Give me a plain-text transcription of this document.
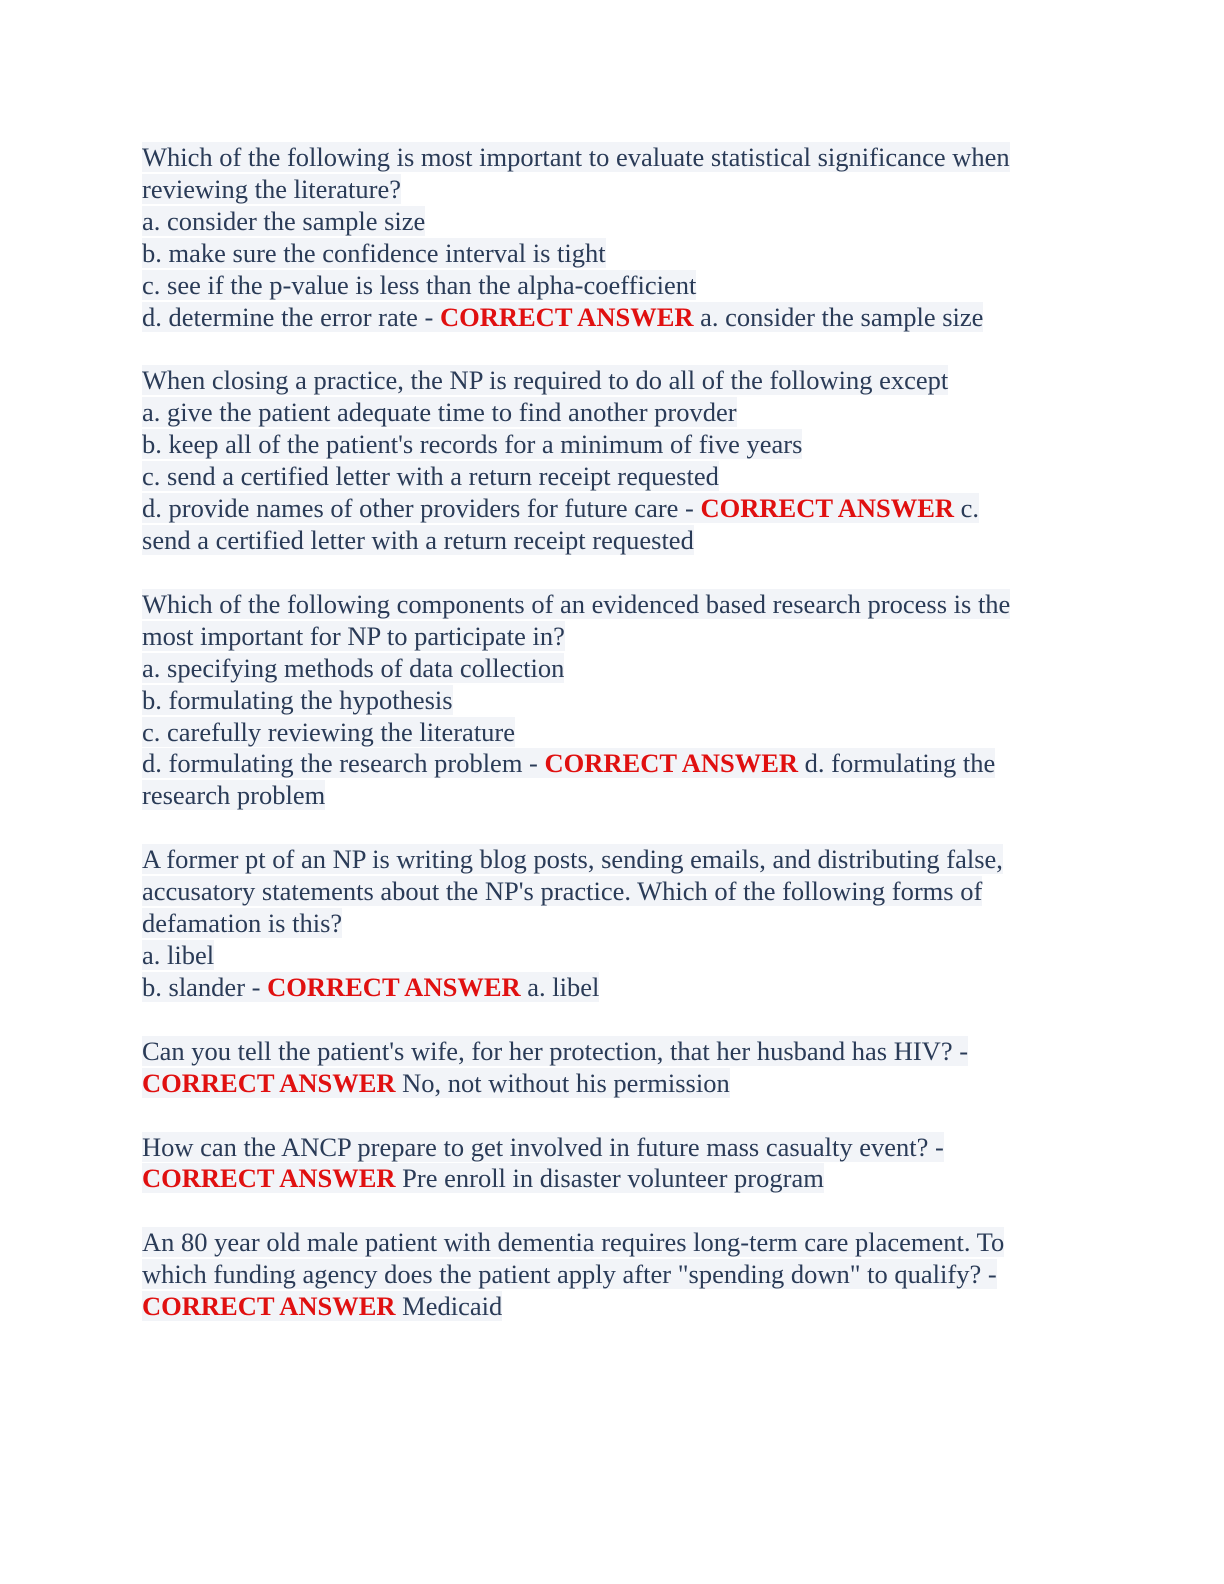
Which of the following is most important to evaluate statistical significance when
reviewing the literature?
a. consider the sample size
b. make sure the confidence interval is tight
c. see if the p-value is less than the alpha-coefficient
d. determine the error rate - CORRECT ANSWER a. consider the sample size
When closing a practice, the NP is required to do all of the following except
a. give the patient adequate time to find another provder
b. keep all of the patient's records for a minimum of five years
c. send a certified letter with a return receipt requested
d. provide names of other providers for future care - CORRECT ANSWER c.
send a certified letter with a return receipt requested
Which of the following components of an evidenced based research process is the
most important for NP to participate in?
a. specifying methods of data collection
b. formulating the hypothesis
c. carefully reviewing the literature
d. formulating the research problem - CORRECT ANSWER d. formulating the
research problem
A former pt of an NP is writing blog posts, sending emails, and distributing false,
accusatory statements about the NP's practice. Which of the following forms of
defamation is this?
a. libel
b. slander - CORRECT ANSWER a. libel
Can you tell the patient's wife, for her protection, that her husband has HIV? -
CORRECT ANSWER No, not without his permission
How can the ANCP prepare to get involved in future mass casualty event? -
CORRECT ANSWER Pre enroll in disaster volunteer program
An 80 year old male patient with dementia requires long-term care placement. To
which funding agency does the patient apply after "spending down" to qualify? -
CORRECT ANSWER Medicaid
